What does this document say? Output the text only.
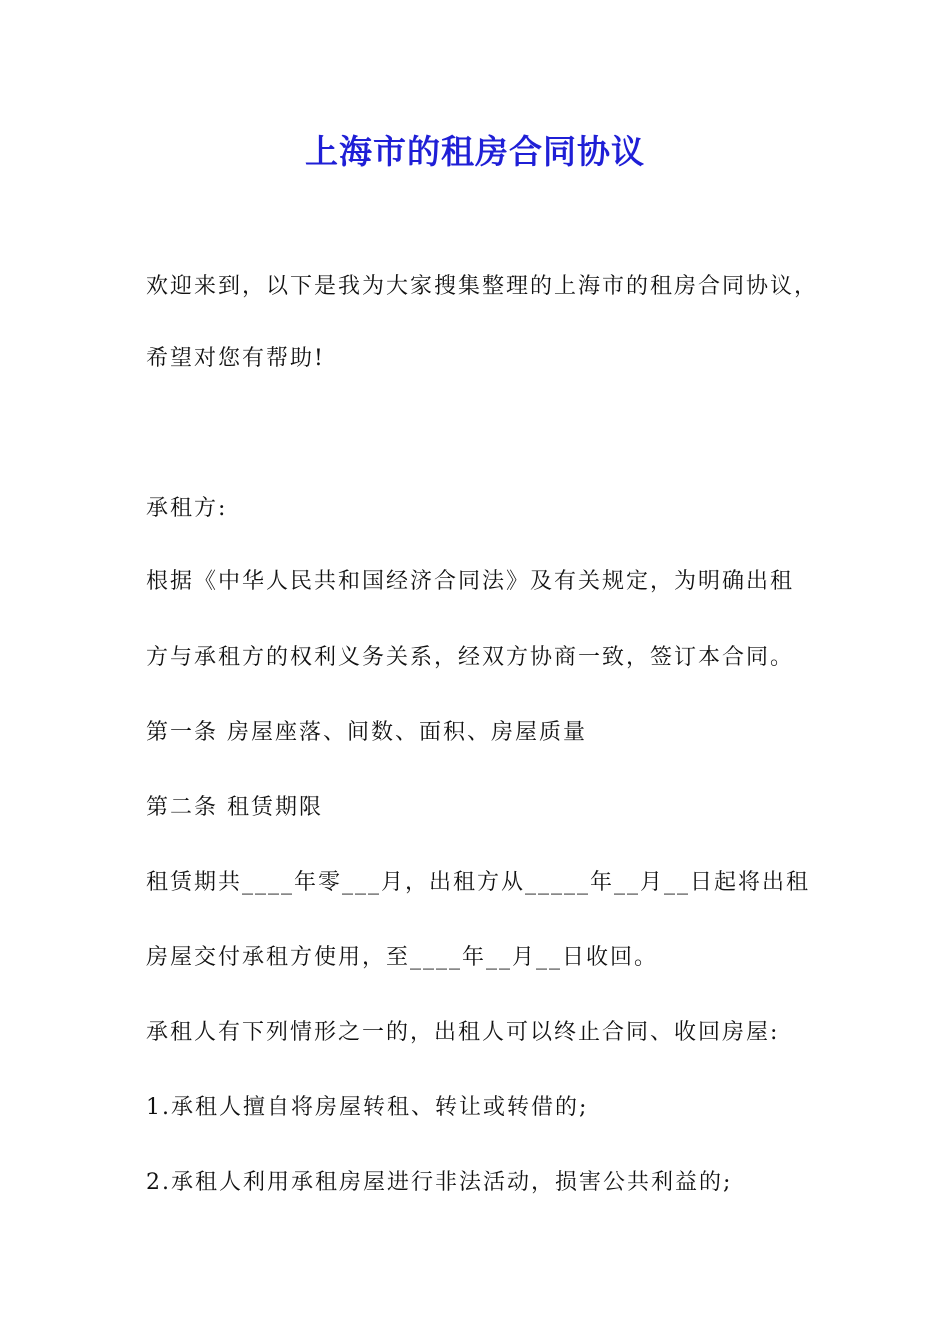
上海市的租房合同协议

欢迎来到，以下是我为大家搜集整理的上海市的租房合同协议，

希望对您有帮助!

承租方:

根据《中华人民共和国经济合同法》及有关规定，为明确出租

方与承租方的权利义务关系，经双方协商一致，签订本合同。

第一条 房屋座落、间数、面积、房屋质量

第二条 租赁期限

租赁期共____年零___月，出租方从_____年__月__日起将出租

房屋交付承租方使用，至____年__月__日收回。

承租人有下列情形之一的，出租人可以终止合同、收回房屋:

1.承租人擅自将房屋转租、转让或转借的;

2.承租人利用承租房屋进行非法活动，损害公共利益的;
